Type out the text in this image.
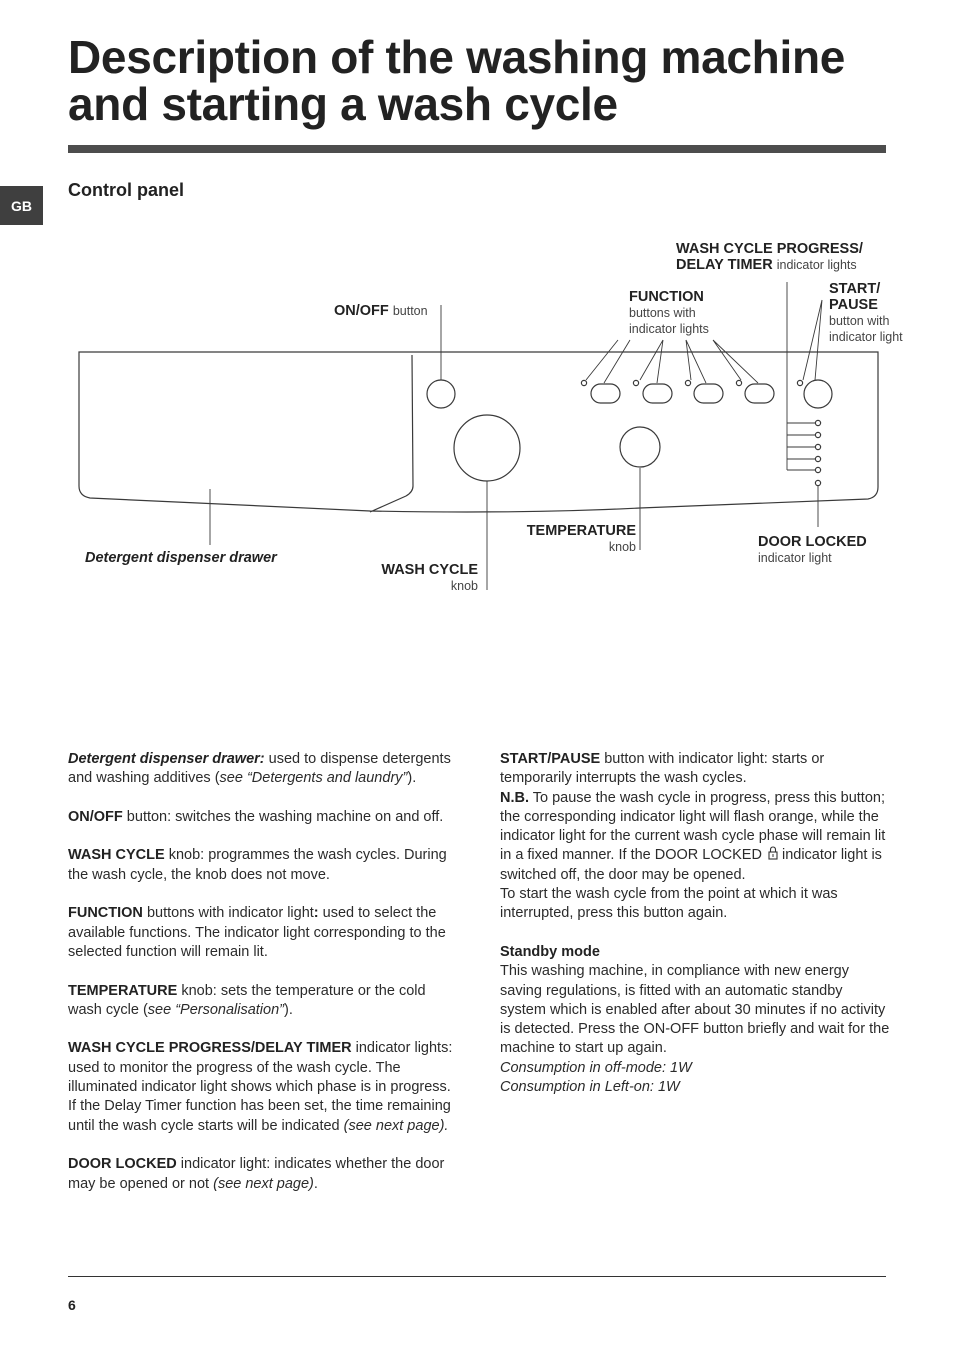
Description of the washing machine and starting a wash cycle
GB
Control panel
WASH CYCLE PROGRESS/
DELAY TIMER indicator lights
ON/OFF button
FUNCTION
buttons with
indicator lights
START/
PAUSE
button with
indicator light
TEMPERATURE
knob	DOOR LOCKED
indicator light
Detergent dispenser drawer
WASH CYCLE
knob

Detergent dispenser drawer: used to dispense detergents and washing additives (see “Detergents and laundry”).

ON/OFF button: switches the washing machine on and off.

WASH CYCLE knob: programmes the wash cycles. During the wash cycle, the knob does not move.

FUNCTION buttons with indicator light: used to select the available functions. The indicator light corresponding to the selected function will remain lit.

TEMPERATURE knob: sets the temperature or the cold wash cycle (see “Personalisation”).

WASH CYCLE PROGRESS/DELAY TIMER indicator lights: used to monitor the progress of the wash cycle. The illuminated indicator light shows which phase is in progress.
If the Delay Timer function has been set, the time remaining until the wash cycle starts will be indicated (see next page).

DOOR LOCKED indicator light: indicates whether the door may be opened or not (see next page).

START/PAUSE button with indicator light: starts or temporarily interrupts the wash cycles.
N.B. To pause the wash cycle in progress, press this button; the corresponding indicator light will flash orange, while the indicator light for the current wash cycle phase will remain lit in a fixed manner. If the DOOR LOCKED  indicator light is switched off, the door may be opened.
To start the wash cycle from the point at which it was interrupted, press this button again.

Standby mode
This washing machine, in compliance with new energy saving regulations, is fitted with an automatic standby system which is enabled after about 30 minutes if no activity is detected. Press the ON-OFF button briefly and wait for the machine to start up again.
Consumption in off-mode: 1W
Consumption in Left-on: 1W

6
